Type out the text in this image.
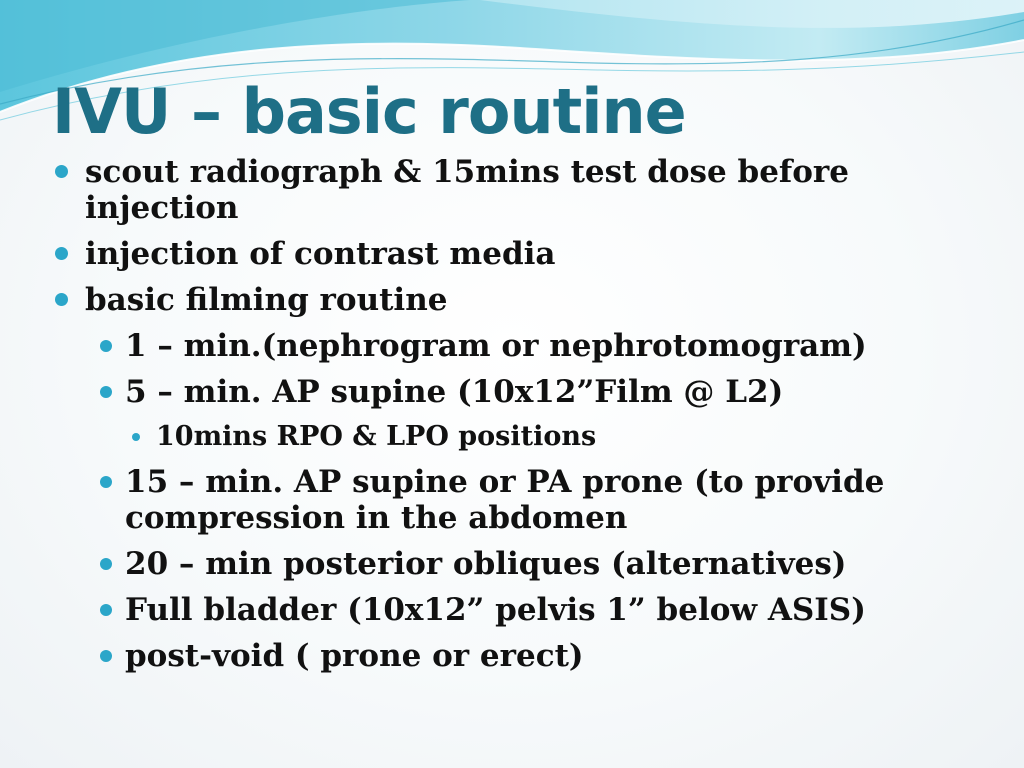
IVU – basic routine
scout radiograph & 15mins test dose before injection
injection of contrast media
basic filming routine
1 – min.(nephrogram or nephrotomogram)
5 – min. AP supine (10x12”Film @ L2)
10mins RPO & LPO positions
15 – min. AP supine or PA prone (to provide compression in the abdomen
20 – min posterior obliques (alternatives)
Full bladder (10x12” pelvis 1” below ASIS)
post-void ( prone or erect)
